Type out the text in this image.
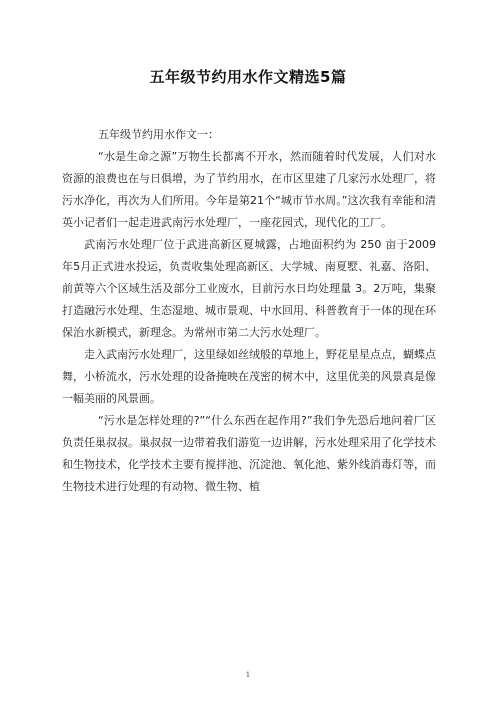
五年级节约用水作文精选5篇

五年级节约用水作文一：

“水是生命之源”万物生长都离不开水，然而随着时代发展，人们对水资源的浪费也在与日俱增，为了节约用水，在市区里建了几家污水处理厂，将污水净化，再次为人们所用。今年是第21个“城市节水周。”这次我有幸能和清英小记者们一起走进武南污水处理厂，一座花园式，现代化的工厂。

武南污水处理厂位于武进高新区夏城露，占地面积约为 250 亩于2009年5月正式进水投运，负责收集处理高新区、大学城、南夏墅、礼嘉、洛阳、前黄等六个区域生活及部分工业废水，目前污水日均处理量 3。2万吨，集聚打造融污水处理、生态湿地、城市景观、中水回用、科普教育于一体的现在环保治水新模式，新理念。为常州市第二大污水处理厂。

走入武南污水处理厂，这里绿如丝绒般的草地上，野花星星点点，蝴蝶点舞，小桥流水，污水处理的设备掩映在茂密的树木中，这里优美的风景真是像一幅美丽的风景画。

“污水是怎样处理的?”“什么东西在起作用?”我们争先恐后地问着厂区负责任巢叔叔。巢叔叔一边带着我们游览一边讲解，污水处理采用了化学技术和生物技术，化学技术主要有搅拌池、沉淀池、氧化池、紫外线消毒灯等，而生物技术进行处理的有动物、微生物、植

1
